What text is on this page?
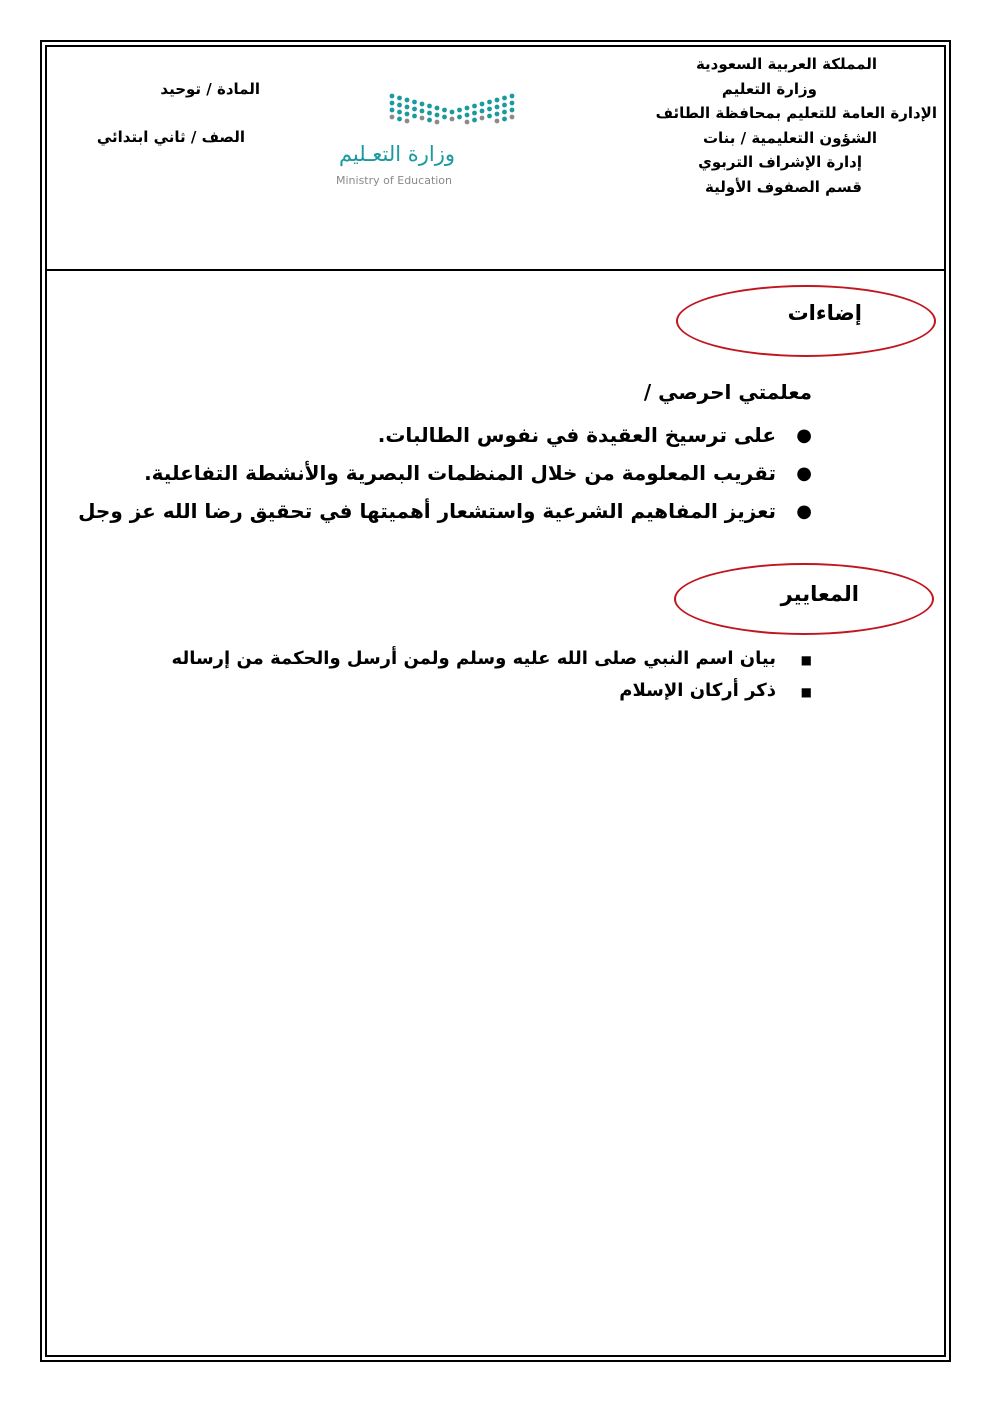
المملكة العربية السعودية
وزارة التعليم
الإدارة العامة للتعليم بمحافظة الطائف
الشؤون التعليمية / بنات
إدارة الإشراف التربوي
قسم الصفوف الأولية
وزارة التعـليم
Ministry of Education
المادة / توحيد
الصف / ثاني ابتدائي
إضاءات
معلمتي احرصي /
●
على ترسيخ العقيدة في نفوس الطالبات.
●
تقريب المعلومة من خلال المنظمات البصرية والأنشطة التفاعلية.
●
تعزيز المفاهيم الشرعية واستشعار أهميتها في تحقيق رضا الله عز وجل
المعايير
■
بيان اسم النبي صلى الله عليه وسلم ولمن أرسل والحكمة من إرساله
■
ذكر أركان الإسلام
